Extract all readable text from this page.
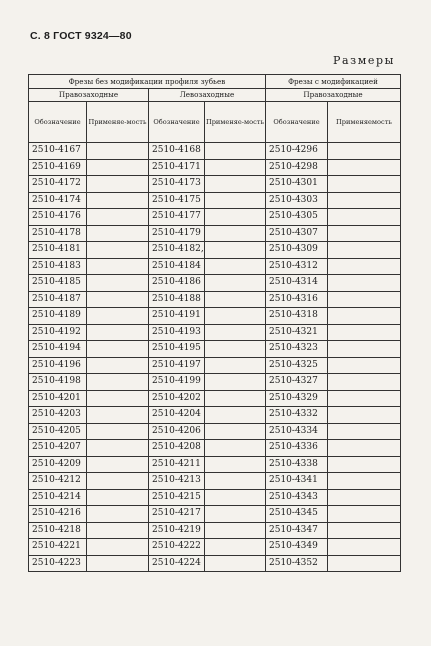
С. 8 ГОСТ 9324—80
Размеры
Фрезы без модификации профиля зубьев				Фрезы с модификацией	
Правозаходные		Левозаходные		Правозаходные	
Обозначение	Применяе-мость	Обозначение	Применяе-мость	Обозначение	Применяемость
2510-4167		2510-4168		2510-4296	
2510-4169		2510-4171		2510-4298	
2510-4172		2510-4173		2510-4301	
2510-4174		2510-4175		2510-4303	
2510-4176		2510-4177		2510-4305	
2510-4178		2510-4179		2510-4307	
2510-4181		2510-4182,		2510-4309	
2510-4183		2510-4184		2510-4312	
2510-4185		2510-4186		2510-4314	
2510-4187		2510-4188		2510-4316	
2510-4189		2510-4191		2510-4318	
2510-4192		2510-4193		2510-4321	
2510-4194		2510-4195		2510-4323	
2510-4196		2510-4197		2510-4325	
2510-4198		2510-4199		2510-4327	
2510-4201		2510-4202		2510-4329	
2510-4203		2510-4204		2510-4332	
2510-4205		2510-4206		2510-4334	
2510-4207		2510-4208		2510-4336	
2510-4209		2510-4211		2510-4338	
2510-4212		2510-4213		2510-4341	
2510-4214		2510-4215		2510-4343	
2510-4216		2510-4217		2510-4345	
2510-4218		2510-4219		2510-4347	
2510-4221		2510-4222		2510-4349	
2510-4223		2510-4224		2510-4352	
